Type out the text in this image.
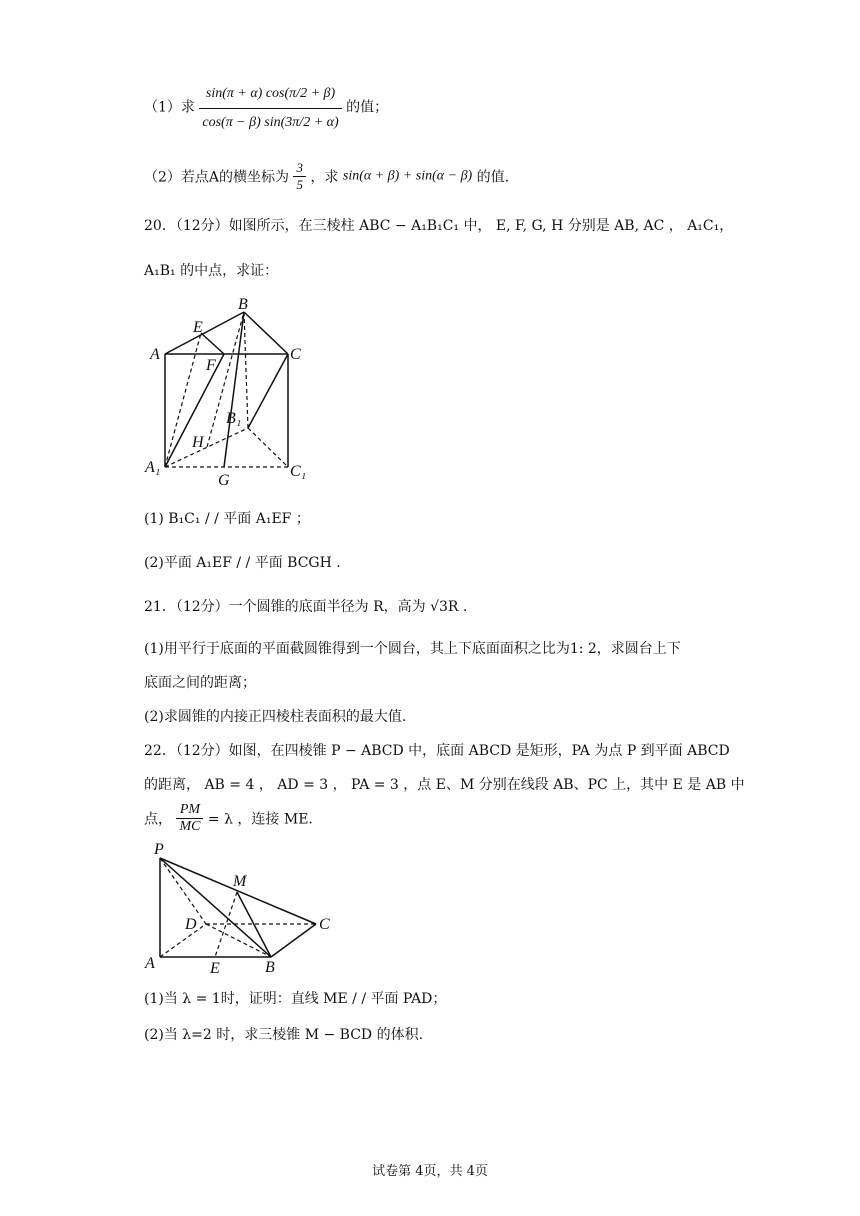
（1）求 $\frac{\sin(\pi + \alpha) \cos(\pi/2 + \beta)}{\cos(\pi - \beta) \sin(3\pi/2 + \alpha)}$ 的值；
（2）若点A的横坐标为 $\frac{3}{5}$ ，求 sin(α + β) + sin(α − β) 的值.
20．（12分）如图所示，在三棱柱 ABC − A₁B₁C₁ 中， E, F, G, H 分别是 AB, AC ， A₁C₁，
A₁B₁ 的中点，求证：
B
E
A
F
C
B₁
H
A₁
G
C₁
(1) B₁C₁ / / 平面 A₁EF ；
(2)平面 A₁EF / / 平面 BCGH .
21．（12分）一个圆锥的底面半径为 R，高为 √3R .
(1)用平行于底面的平面截圆锥得到一个圆台，其上下底面面积之比为1: 2，求圆台上下
底面之间的距离；
(2)求圆锥的内接正四棱柱表面积的最大值.
22．（12分）如图，在四棱锥 P − ABCD 中，底面 ABCD 是矩形，PA 为点 P 到平面 ABCD
的距离， AB = 4 ， AD = 3 ， PA = 3 ，点 E、M 分别在线段 AB、PC 上，其中 E 是 AB 中
点， $\frac{PM}{MC} = \lambda$ ，连接 ME.
P
M
D	C
A	E	B
(1)当 λ = 1时，证明：直线 ME / / 平面 PAD；
(2)当 λ=2 时，求三棱锥 M − BCD 的体积.
试卷第 4页，共 4页
